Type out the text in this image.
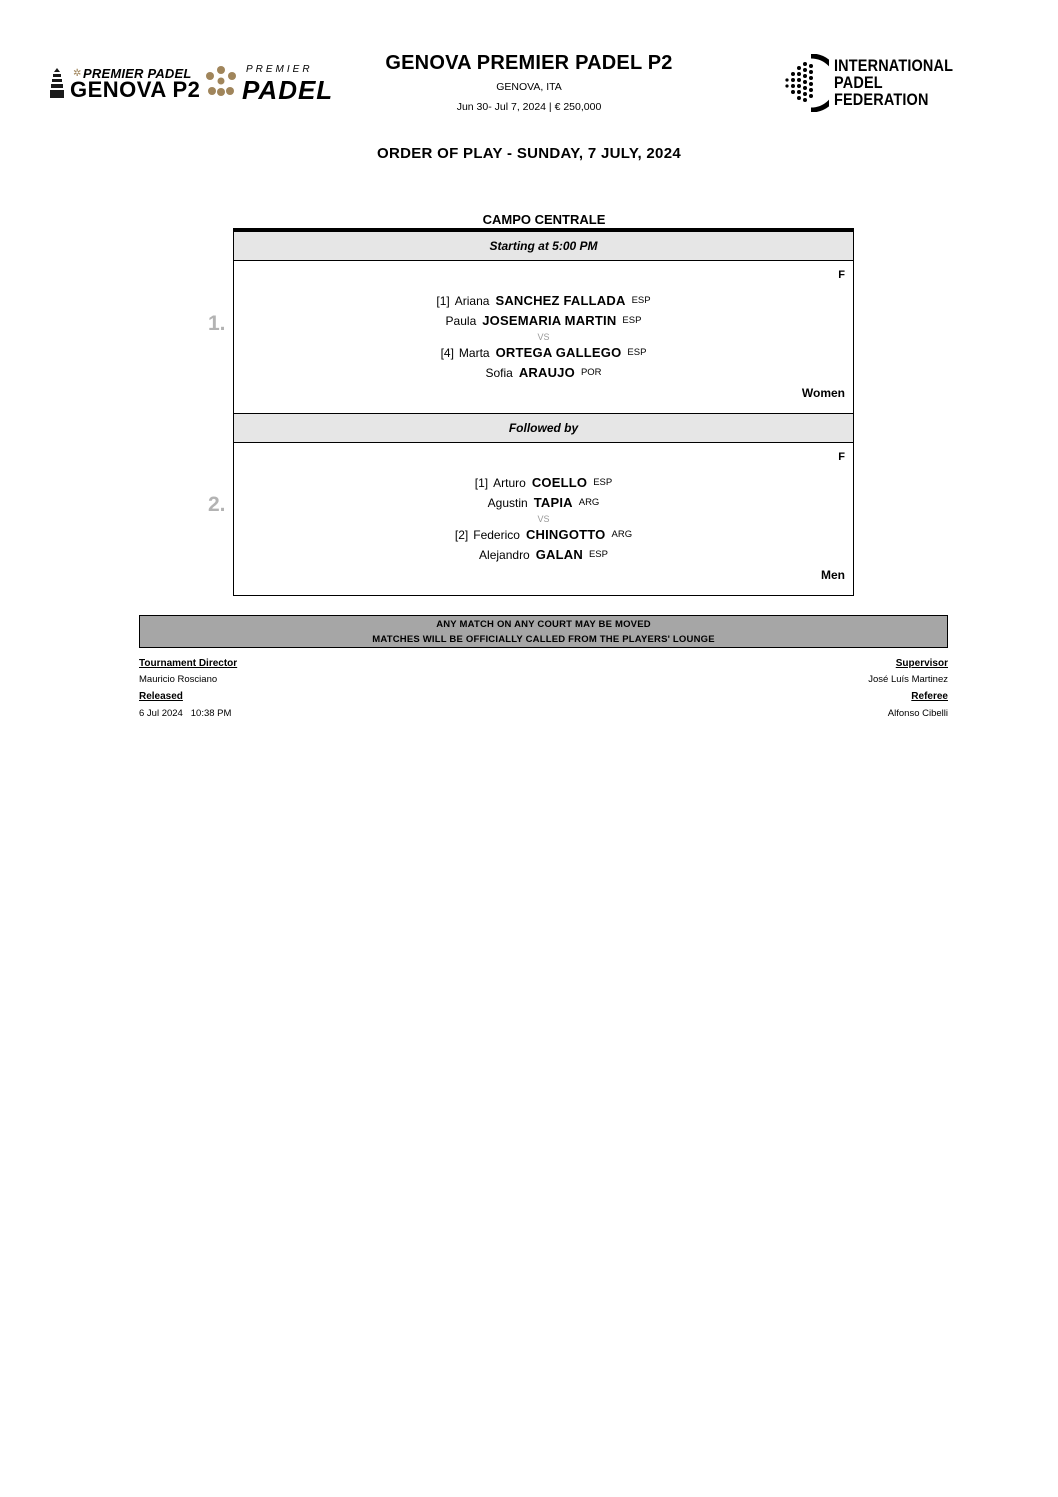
✲ PREMIER PADEL
GENOVA P2
PREMIER
PADEL
GENOVA PREMIER PADEL P2
GENOVA, ITA
Jun 30- Jul 7, 2024 | € 250,000
INTERNATIONAL
PADEL
FEDERATION
ORDER OF PLAY - SUNDAY, 7 JULY, 2024
CAMPO CENTRALE
1.
2.
Starting at 5:00 PM
F
[1] Ariana SANCHEZ FALLADA ESP
Paula JOSEMARIA MARTIN ESP
VS
[4] Marta ORTEGA GALLEGO ESP
Sofia ARAUJO POR
Women
Followed by
F
[1] Arturo COELLO ESP
Agustin TAPIA ARG
VS
[2] Federico CHINGOTTO ARG
Alejandro GALAN ESP
Men
ANY MATCH ON ANY COURT MAY BE MOVED
MATCHES WILL BE OFFICIALLY CALLED FROM THE PLAYERS' LOUNGE
Tournament Director
Mauricio Rosciano
Released
6 Jul 2024   10:38 PM
Supervisor
José Luís Martinez
Referee
Alfonso Cibelli
